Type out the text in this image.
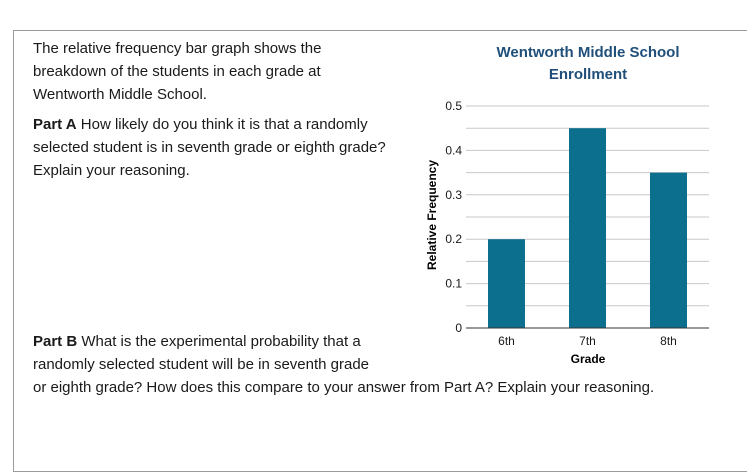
The relative frequency bar graph shows the breakdown of the students in each grade at Wentworth Middle School.
Part A How likely do you think it is that a randomly selected student is in seventh grade or eighth grade? Explain your reasoning.
Part B What is the experimental probability that a randomly selected student will be in seventh grade
or eighth grade? How does this compare to your answer from Part A? Explain your reasoning.
Wentworth Middle School
Enrollment
0
0.1
0.2
0.3
0.4
0.5
6th	7th	8th
Relative Frequency
Grade
